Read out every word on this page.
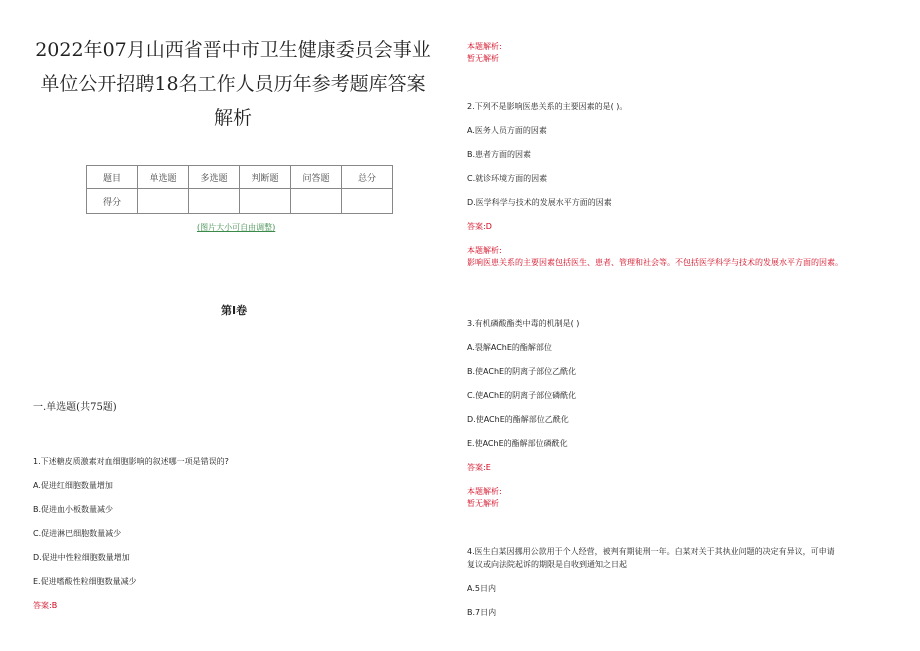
2022年07月山西省晋中市卫生健康委员会事业
单位公开招聘18名工作人员历年参考题库答案
解析
题目	单选题	多选题	判断题	问答题	总分
得分					
(图片大小可自由调整)
第Ⅰ卷
一.单选题(共75题)
1.下述糖皮质激素对血细胞影响的叙述哪一项是错误的?
A.促进红细胞数量增加
B.促进血小板数量减少
C.促进淋巴细胞数量减少
D.促进中性粒细胞数量增加
E.促进嗜酸性粒细胞数量减少
答案:B
本题解析:
暂无解析
2.下列不是影响医患关系的主要因素的是( )。
A.医务人员方面的因素
B.患者方面的因素
C.就诊环境方面的因素
D.医学科学与技术的发展水平方面的因素
答案:D
本题解析:
影响医患关系的主要因素包括医生、患者、管理和社会等。不包括医学科学与技术的发展水平方面的因素。
3.有机磷酸酯类中毒的机制是( )
A.裂解AChE的酯解部位
B.使AChE的阴离子部位乙酰化
C.使AChE的阴离子部位磷酰化
D.使AChE的酯解部位乙酰化
E.使AChE的酯解部位磷酰化
答案:E
本题解析:
暂无解析
4.医生白某因挪用公款用于个人经营，被判有期徒刑一年。白某对关于其执业问题的决定有异议，可申请
复议或向法院起诉的期限是自收到通知之日起
A.5日内
B.7日内
